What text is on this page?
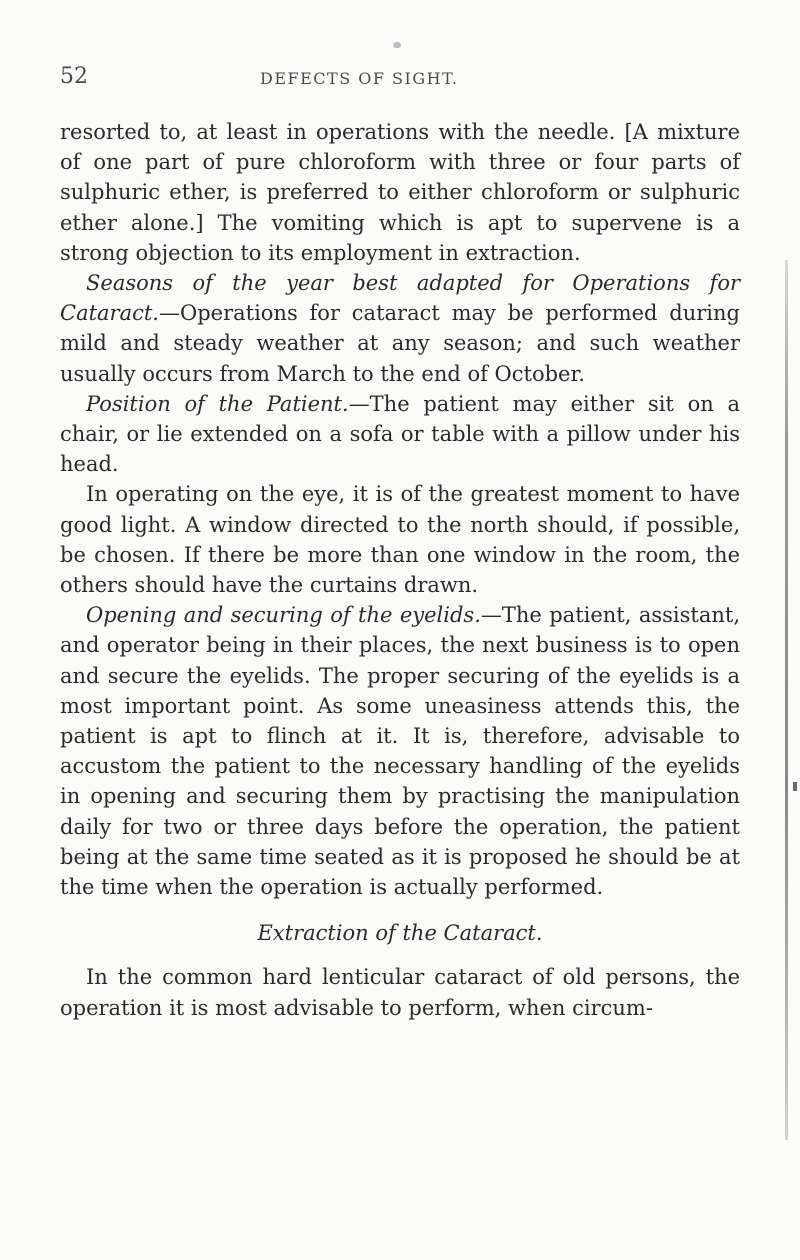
52	DEFECTS OF SIGHT.

resorted to, at least in operations with the needle. [A mixture of one part of pure chloroform with three or four parts of sulphuric ether, is preferred to either chloroform or sulphuric ether alone.] The vomiting which is apt to supervene is a strong objection to its employment in extraction.

Seasons of the year best adapted for Operations for Cataract.—Operations for cataract may be performed during mild and steady weather at any season; and such weather usually occurs from March to the end of October.

Position of the Patient.—The patient may either sit on a chair, or lie extended on a sofa or table with a pillow under his head.

In operating on the eye, it is of the greatest moment to have good light. A window directed to the north should, if possible, be chosen. If there be more than one window in the room, the others should have the curtains drawn.

Opening and securing of the eyelids.—The patient, assistant, and operator being in their places, the next business is to open and secure the eyelids. The proper securing of the eyelids is a most important point. As some uneasiness attends this, the patient is apt to flinch at it. It is, therefore, advisable to accustom the patient to the necessary handling of the eyelids in opening and securing them by practising the manipulation daily for two or three days before the operation, the patient being at the same time seated as it is proposed he should be at the time when the operation is actually performed.

Extraction of the Cataract.

In the common hard lenticular cataract of old persons, the operation it is most advisable to perform, when circum-
